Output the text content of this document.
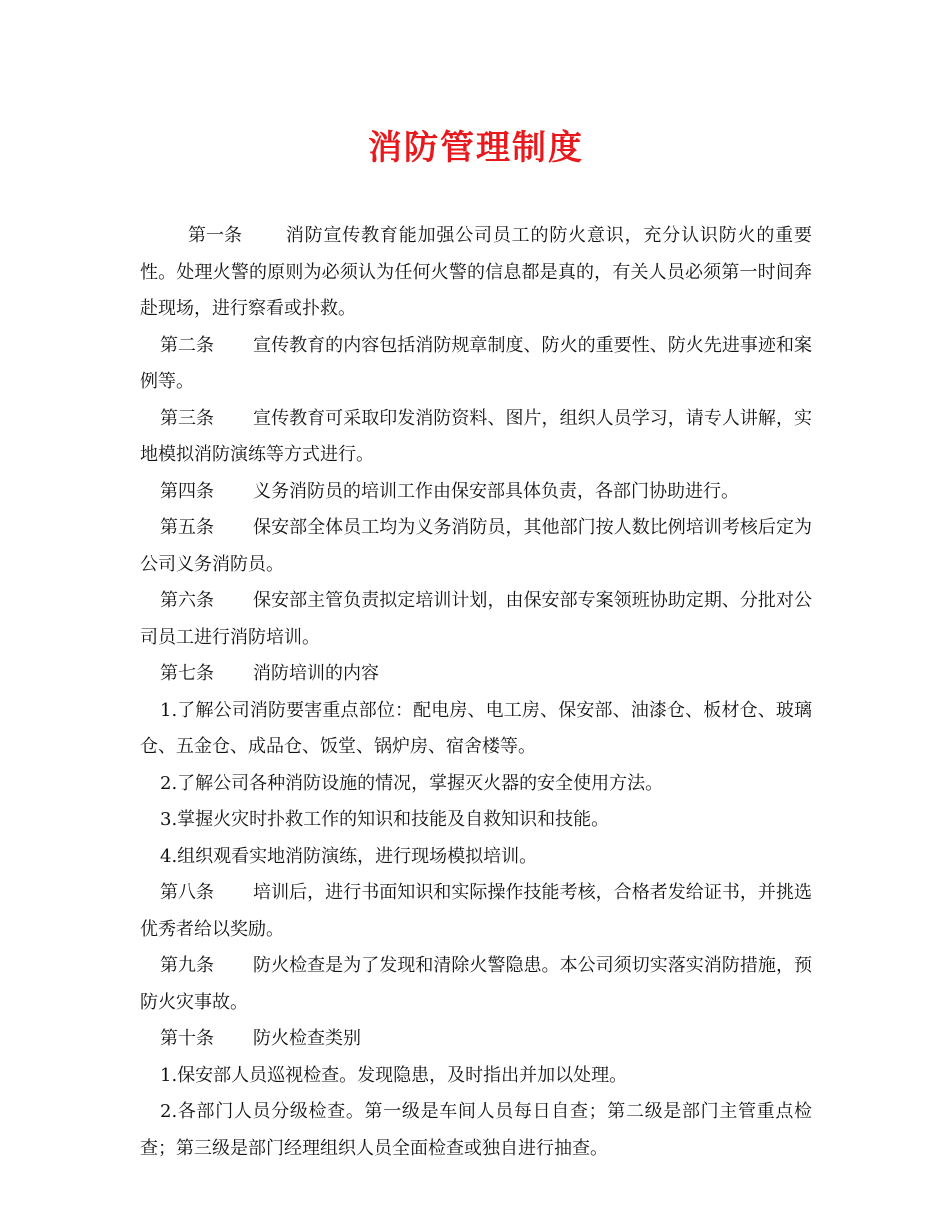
消防管理制度

第一条 消防宣传教育能加强公司员工的防火意识，充分认识防火的重要性。处理火警的原则为必须认为任何火警的信息都是真的，有关人员必须第一时间奔赴现场，进行察看或扑救。

第二条 宣传教育的内容包括消防规章制度、防火的重要性、防火先进事迹和案例等。

第三条 宣传教育可采取印发消防资料、图片，组织人员学习，请专人讲解，实地模拟消防演练等方式进行。

第四条 义务消防员的培训工作由保安部具体负责，各部门协助进行。

第五条 保安部全体员工均为义务消防员，其他部门按人数比例培训考核后定为公司义务消防员。

第六条 保安部主管负责拟定培训计划，由保安部专案领班协助定期、分批对公司员工进行消防培训。

第七条 消防培训的内容

1.了解公司消防要害重点部位：配电房、电工房、保安部、油漆仓、板材仓、玻璃仓、五金仓、成品仓、饭堂、锅炉房、宿舍楼等。

2.了解公司各种消防设施的情况，掌握灭火器的安全使用方法。

3.掌握火灾时扑救工作的知识和技能及自救知识和技能。

4.组织观看实地消防演练，进行现场模拟培训。

第八条 培训后，进行书面知识和实际操作技能考核，合格者发给证书，并挑选优秀者给以奖励。

第九条 防火检查是为了发现和清除火警隐患。本公司须切实落实消防措施，预防火灾事故。

第十条 防火检查类别

1.保安部人员巡视检查。发现隐患，及时指出并加以处理。

2.各部门人员分级检查。第一级是车间人员每日自查；第二级是部门主管重点检查；第三级是部门经理组织人员全面检查或独自进行抽查。
